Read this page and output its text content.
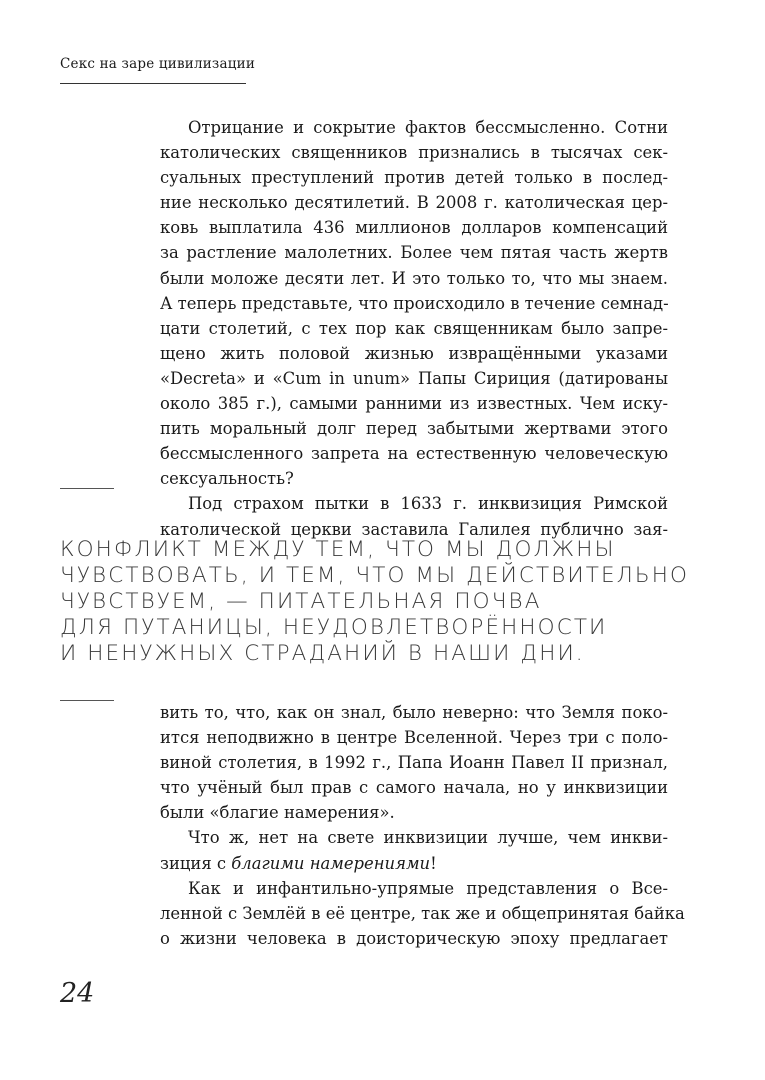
Секс на заре цивилизации
Отрицание и сокрытие фактов бессмысленно. Сотни
католических священников признались в тысячах сек-
суальных преступлений против детей только в послед-
ние несколько десятилетий. В 2008 г. католическая цер-
ковь выплатила 436 миллионов долларов компенсаций
за растление малолетних. Более чем пятая часть жертв
были моложе десяти лет. И это только то, что мы знаем.
А теперь представьте, что происходило в течение семнад-
цати столетий, с тех пор как священникам было запре-
щено жить половой жизнью извращёнными указами
«Decreta» и «Cum in unum» Папы Сириция (датированы
около 385 г.), самыми ранними из известных. Чем иску-
пить моральный долг перед забытыми жертвами этого
бессмысленного запрета на естественную человеческую
сексуальность?
Под страхом пытки в 1633 г. инквизиция Римской
католической церкви заставила Галилея публично зая-
КОНФЛИКТ МЕЖДУ ТЕМ, ЧТО МЫ ДОЛЖНЫ
ЧУВСТВОВАТЬ, И ТЕМ, ЧТО МЫ ДЕЙСТВИТЕЛЬНО
ЧУВСТВУЕМ, — ПИТАТЕЛЬНАЯ ПОЧВА
ДЛЯ ПУТАНИЦЫ, НЕУДОВЛЕТВОРЁННОСТИ
И НЕНУЖНЫХ СТРАДАНИЙ В НАШИ ДНИ.
вить то, что, как он знал, было неверно: что Земля поко-
ится неподвижно в центре Вселенной. Через три с поло-
виной столетия, в 1992 г., Папа Иоанн Павел II признал,
что учёный был прав с самого начала, но у инквизиции
были «благие намерения».
Что ж, нет на свете инквизиции лучше, чем инкви-
зиция с благими намерениями!
Как и инфантильно-упрямые представления о Все-
ленной с Землёй в её центре, так же и общепринятая байка
о жизни человека в доисторическую эпоху предлагает
24
